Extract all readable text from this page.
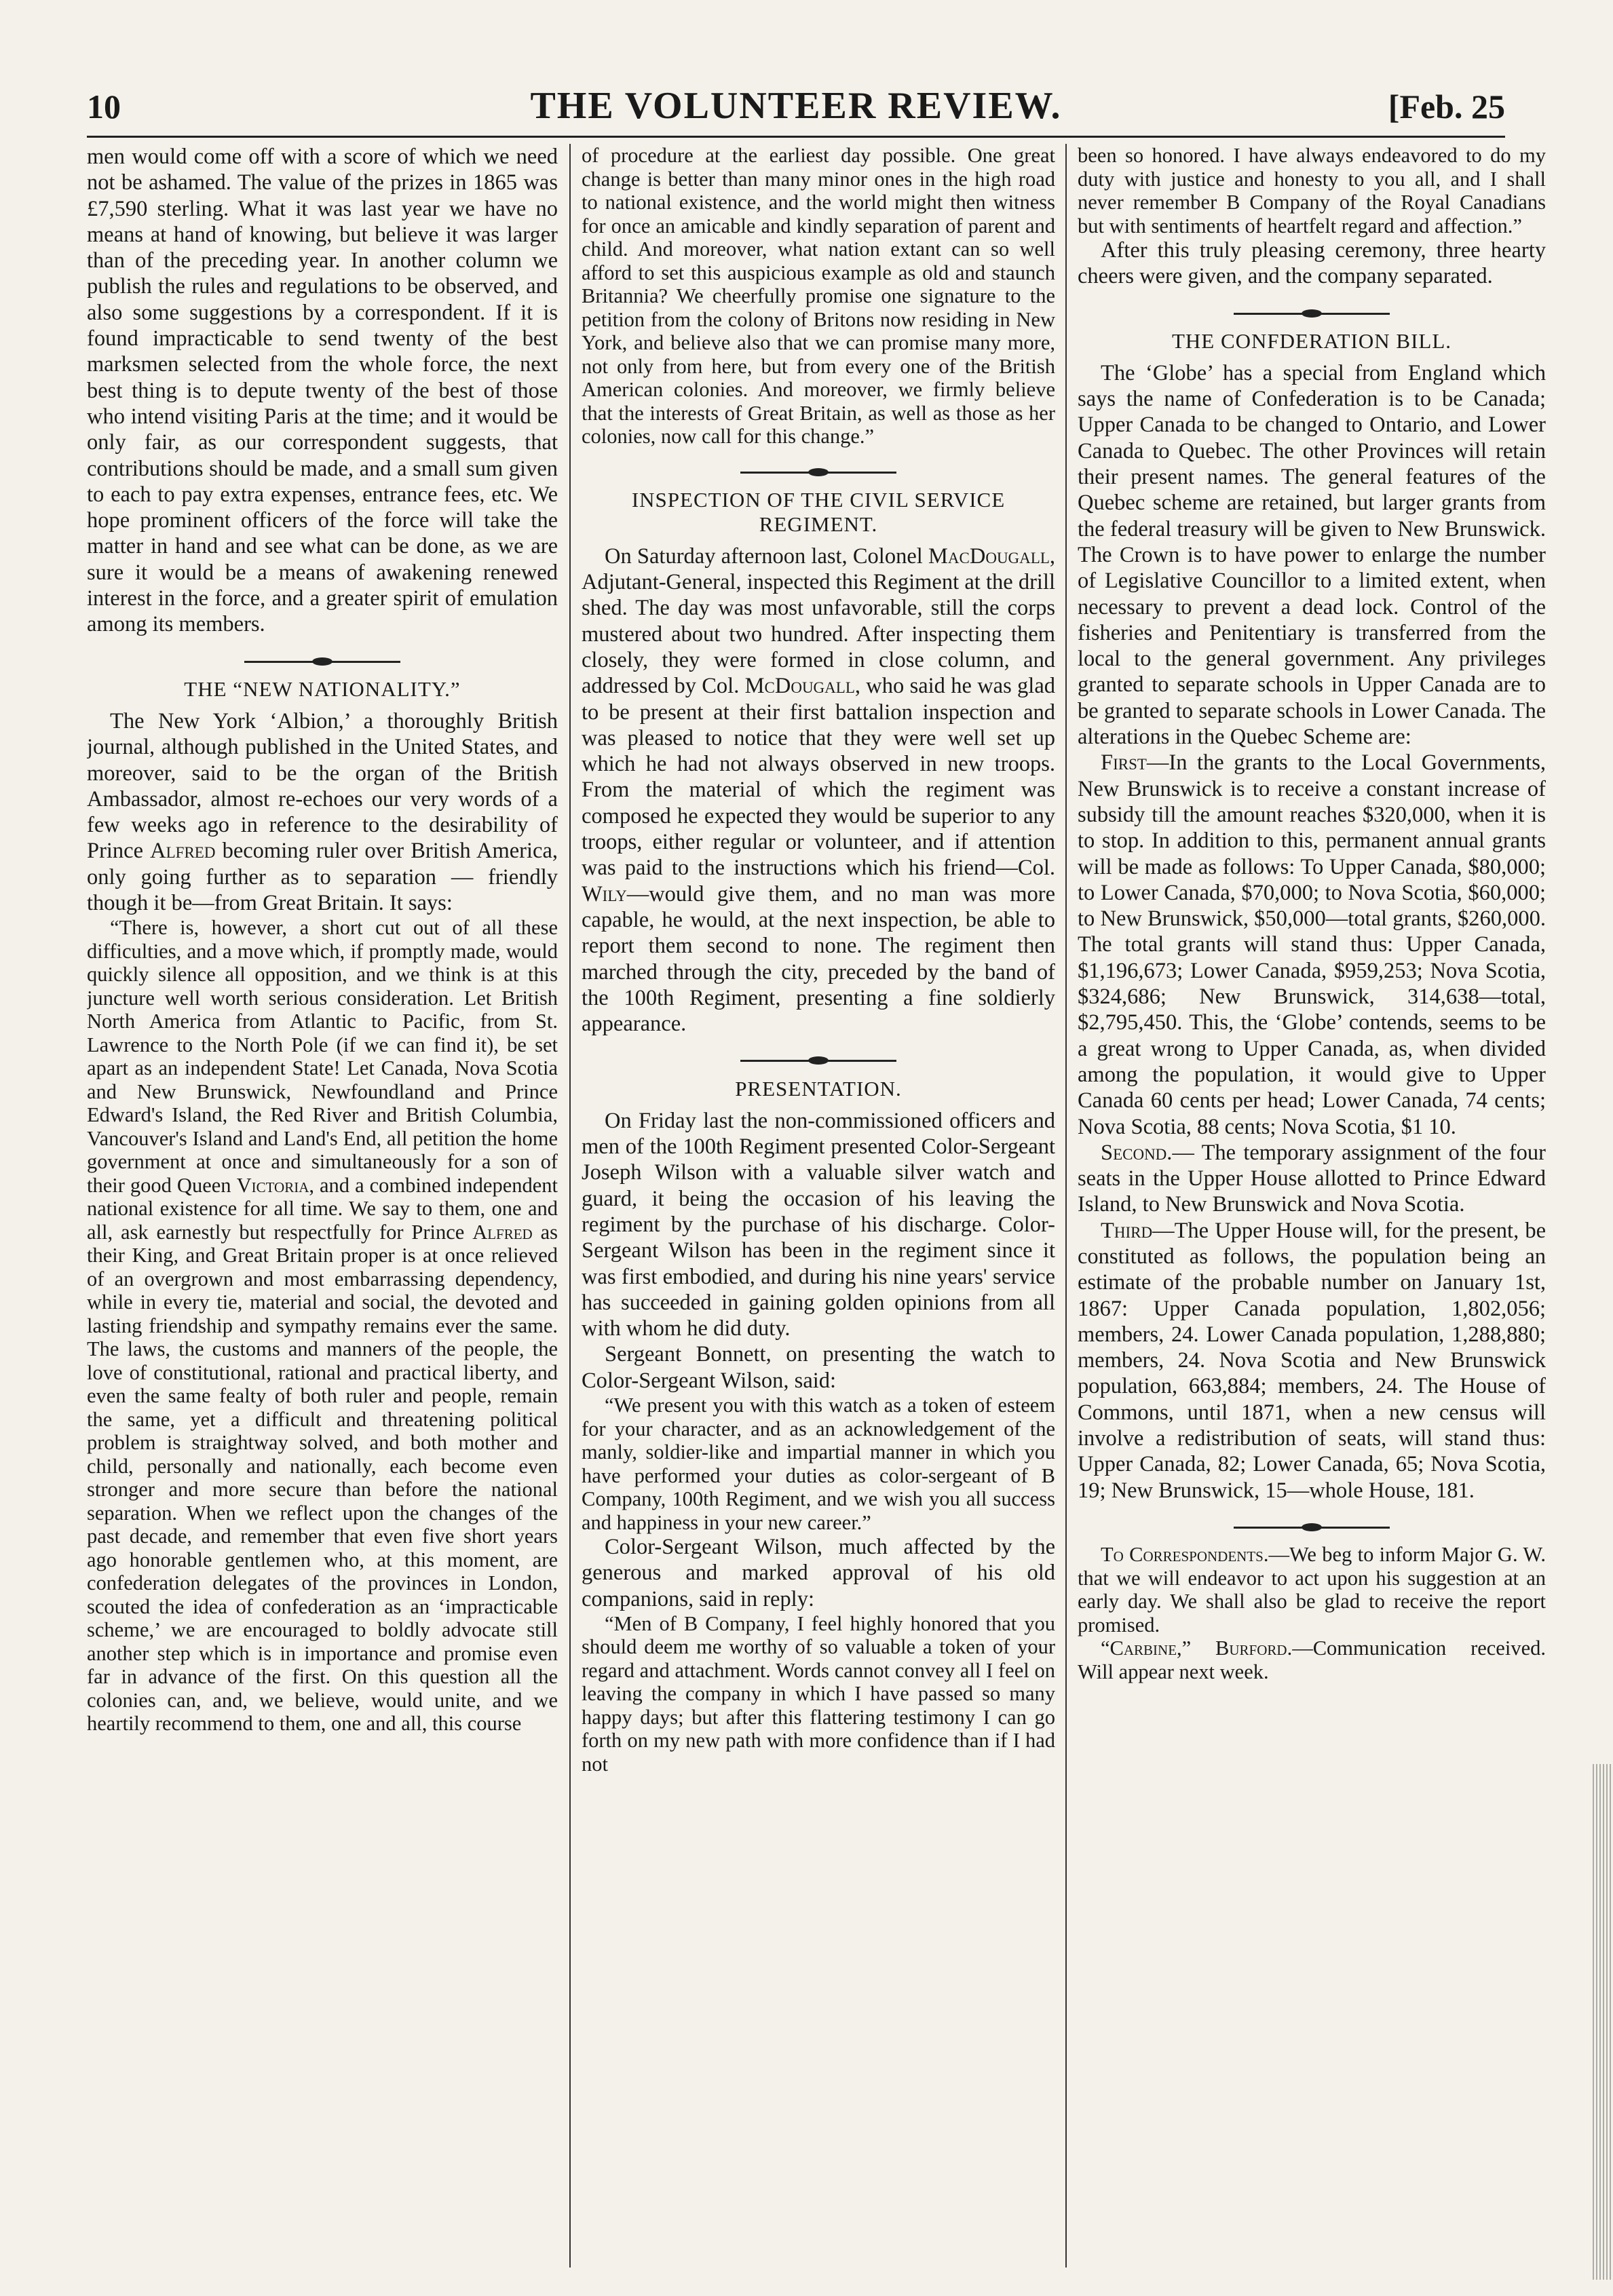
10	THE VOLUNTEER REVIEW.	[Feb. 25

men would come off with a score of which we need not be ashamed. The value of the prizes in 1865 was £7,590 sterling. What it was last year we have no means at hand of knowing, but believe it was larger than of the preceding year. In another column we publish the rules and regulations to be observed, and also some suggestions by a correspondent. If it is found impracticable to send twenty of the best marksmen selected from the whole force, the next best thing is to depute twenty of the best of those who intend visiting Paris at the time; and it would be only fair, as our correspondent suggests, that contributions should be made, and a small sum given to each to pay extra expenses, entrance fees, etc. We hope prominent officers of the force will take the matter in hand and see what can be done, as we are sure it would be a means of awakening renewed interest in the force, and a greater spirit of emulation among its members.

THE “NEW NATIONALITY.”

The New York ‘Albion,’ a thoroughly British journal, although published in the United States, and moreover, said to be the organ of the British Ambassador, almost re-echoes our very words of a few weeks ago in reference to the desirability of Prince Alfred becoming ruler over British America, only going further as to separation — friendly though it be—from Great Britain. It says:

“There is, however, a short cut out of all these difficulties, and a move which, if promptly made, would quickly silence all opposition, and we think is at this juncture well worth serious consideration. Let British North America from Atlantic to Pacific, from St. Lawrence to the North Pole (if we can find it), be set apart as an independent State! Let Canada, Nova Scotia and New Brunswick, Newfoundland and Prince Edward's Island, the Red River and British Columbia, Vancouver's Island and Land's End, all petition the home government at once and simultaneously for a son of their good Queen Victoria, and a combined independent national existence for all time. We say to them, one and all, ask earnestly but respectfully for Prince Alfred as their King, and Great Britain proper is at once relieved of an overgrown and most embarrassing dependency, while in every tie, material and social, the devoted and lasting friendship and sympathy remains ever the same. The laws, the customs and manners of the people, the love of constitutional, rational and practical liberty, and even the same fealty of both ruler and people, remain the same, yet a difficult and threatening political problem is straightway solved, and both mother and child, personally and nationally, each become even stronger and more secure than before the national separation. When we reflect upon the changes of the past decade, and remember that even five short years ago honorable gentlemen who, at this moment, are confederation delegates of the provinces in London, scouted the idea of confederation as an ‘impracticable scheme,’ we are encouraged to boldly advocate still another step which is in importance and promise even far in advance of the first. On this question all the colonies can, and, we believe, would unite, and we heartily recommend to them, one and all, this course

of procedure at the earliest day possible. One great change is better than many minor ones in the high road to national existence, and the world might then witness for once an amicable and kindly separation of parent and child. And moreover, what nation extant can so well afford to set this auspicious example as old and staunch Britannia? We cheerfully promise one signature to the petition from the colony of Britons now residing in New York, and believe also that we can promise many more, not only from here, but from every one of the British American colonies. And moreover, we firmly believe that the interests of Great Britain, as well as those as her colonies, now call for this change.”

INSPECTION OF THE CIVIL SERVICE REGIMENT.

On Saturday afternoon last, Colonel MacDougall, Adjutant-General, inspected this Regiment at the drill shed. The day was most unfavorable, still the corps mustered about two hundred. After inspecting them closely, they were formed in close column, and addressed by Col. McDougall, who said he was glad to be present at their first battalion inspection and was pleased to notice that they were well set up which he had not always observed in new troops. From the material of which the regiment was composed he expected they would be superior to any troops, either regular or volunteer, and if attention was paid to the instructions which his friend—Col. Wily—would give them, and no man was more capable, he would, at the next inspection, be able to report them second to none. The regiment then marched through the city, preceded by the band of the 100th Regiment, presenting a fine soldierly appearance.

PRESENTATION.

On Friday last the non-commissioned officers and men of the 100th Regiment presented Color-Sergeant Joseph Wilson with a valuable silver watch and guard, it being the occasion of his leaving the regiment by the purchase of his discharge. Color-Sergeant Wilson has been in the regiment since it was first embodied, and during his nine years' service has succeeded in gaining golden opinions from all with whom he did duty.

Sergeant Bonnett, on presenting the watch to Color-Sergeant Wilson, said:

“We present you with this watch as a token of esteem for your character, and as an acknowledgement of the manly, soldier-like and impartial manner in which you have performed your duties as color-sergeant of B Company, 100th Regiment, and we wish you all success and happiness in your new career.”

Color-Sergeant Wilson, much affected by the generous and marked approval of his old companions, said in reply:

“Men of B Company, I feel highly honored that you should deem me worthy of so valuable a token of your regard and attachment. Words cannot convey all I feel on leaving the company in which I have passed so many happy days; but after this flattering testimony I can go forth on my new path with more confidence than if I had not

been so honored. I have always endeavored to do my duty with justice and honesty to you all, and I shall never remember B Company of the Royal Canadians but with sentiments of heartfelt regard and affection.”

After this truly pleasing ceremony, three hearty cheers were given, and the company separated.

THE CONFDERATION BILL.

The ‘Globe’ has a special from England which says the name of Confederation is to be Canada; Upper Canada to be changed to Ontario, and Lower Canada to Quebec. The other Provinces will retain their present names. The general features of the Quebec scheme are retained, but larger grants from the federal treasury will be given to New Brunswick. The Crown is to have power to enlarge the number of Legislative Councillor to a limited extent, when necessary to prevent a dead lock. Control of the fisheries and Penitentiary is transferred from the local to the general government. Any privileges granted to separate schools in Upper Canada are to be granted to separate schools in Lower Canada. The alterations in the Quebec Scheme are:

First—In the grants to the Local Governments, New Brunswick is to receive a constant increase of subsidy till the amount reaches $320,000, when it is to stop. In addition to this, permanent annual grants will be made as follows: To Upper Canada, $80,000; to Lower Canada, $70,000; to Nova Scotia, $60,000; to New Brunswick, $50,000—total grants, $260,000. The total grants will stand thus: Upper Canada, $1,196,673; Lower Canada, $959,253; Nova Scotia, $324,686; New Brunswick, 314,638—total, $2,795,450. This, the ‘Globe’ contends, seems to be a great wrong to Upper Canada, as, when divided among the population, it would give to Upper Canada 60 cents per head; Lower Canada, 74 cents; Nova Scotia, 88 cents; Nova Scotia, $1 10.

Second.— The temporary assignment of the four seats in the Upper House allotted to Prince Edward Island, to New Brunswick and Nova Scotia.

Third—The Upper House will, for the present, be constituted as follows, the population being an estimate of the probable number on January 1st, 1867: Upper Canada population, 1,802,056; members, 24. Lower Canada population, 1,288,880; members, 24. Nova Scotia and New Brunswick population, 663,884; members, 24. The House of Commons, until 1871, when a new census will involve a redistribution of seats, will stand thus: Upper Canada, 82; Lower Canada, 65; Nova Scotia, 19; New Brunswick, 15—whole House, 181.

To Correspondents.—We beg to inform Major G. W. that we will endeavor to act upon his suggestion at an early day. We shall also be glad to receive the report promised.

“Carbine,” Burford.—Communication received. Will appear next week.
